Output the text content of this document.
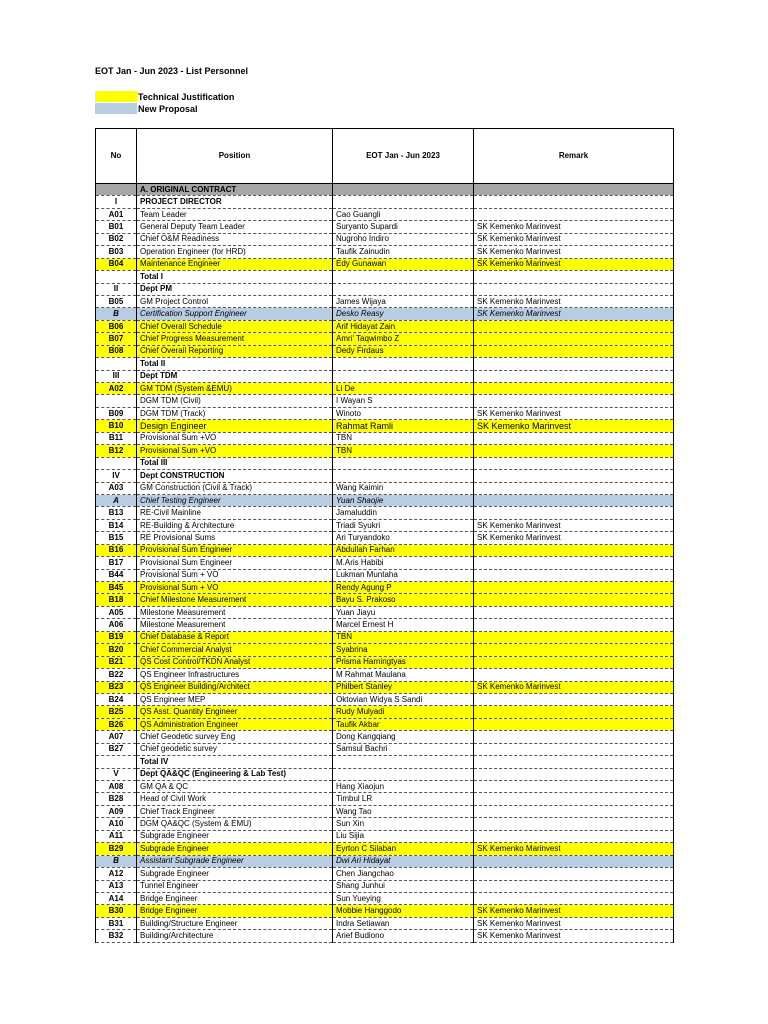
EOT Jan - Jun 2023 - List Personnel
Technical Justification
New Proposal
No	Position	EOT Jan - Jun 2023	Remark
	A. ORIGINAL CONTRACT		
I	PROJECT DIRECTOR		
A01	Team Leader	Cao Guangli	
B01	General Deputy Team Leader	Suryanto Supardi	SK Kemenko Marinvest
B02	Chief O&M Readiness	Nugroho Indiro	SK Kemenko Marinvest
B03	Operation Engineer (for HRD)	Taufik Zainudin	SK Kemenko Marinvest
B04	Maintenance Engineer	Edy Gunawan	SK Kemenko Marinvest
	Total I		
II	Dept PM		
B05	GM Project Control	James Wijaya	SK Kemenko Marinvest
B	Certification Support Engineer	Desko Reasy	SK Kemenko Marinvest
B06	Chief Overall Schedule	Arif Hidayat Zain	
B07	Chief Progress Measurement	Amri' Taqwimbo Z	
B08	Chief Overall Reporting	Dedy Firdaus	
	Total II		
III	Dept TDM		
A02	GM TDM (System &EMU)	Li De	
	DGM TDM (Civil)	I Wayan S	
B09	DGM TDM (Track)	Winoto	SK Kemenko Marinvest
B10	Design Engineer	Rahmat Ramli	SK Kemenko Marinvest
B11	Provisional Sum +VO	TBN	
B12	Provisional Sum +VO	TBN	
	Total III		
IV	Dept CONSTRUCTION		
A03	GM Construction (Civil & Track)	Wang Kaimin	
A	Chief Testing Engineer	Yuan Shaojie	
B13	RE-Civil Mainline	Jamaluddin	
B14	RE-Building & Architecture	Triadi Syukri	SK Kemenko Marinvest
B15	RE Provisional Sums	Ari Turyandoko	SK Kemenko Marinvest
B16	Provisional Sum Engineer	Abdullah Farhan	
B17	Provisional Sum Engineer	M.Aris Habibi	
B44	Provisional Sum + VO	Lukman Muntaha	
B45	Provisional Sum + VO	Rendy Agung P	
B18	Chief Milestone Measurement	Bayu S. Prakoso	
A05	Milestone Measurement	Yuan Jiayu	
A06	Milestone Measurement	Marcel Ernest H	
B19	Chief Database & Report	TBN	
B20	Chief Commercial Analyst	Syabrina	
B21	QS Cost Control/TKDN Analyst	Prisma Harningtyas	
B22	QS Engineer Infrastructures	M Rahmat Maulana	
B23	QS Engineer Building/Architect	Philbert Stanley	SK Kemenko Marinvest
B24	QS Engineer MEP	Oktovian Widya S Sandi	
B25	QS Asst. Quantity Engineer	Rudy Mulyadi	
B26	QS Administration Engineer	Taufik Akbar	
A07	Chief Geodetic survey Eng	Dong Kangqiang	
B27	Chief geodetic survey	Samsul Bachri	
	Total IV		
V	Dept QA&QC (Engineering & Lab Test)		
A08	GM QA & QC	Hang Xiaojun	
B28	Head of Civil Work	Timbul LR	
A09	Chief Track Engineer	Wang Tao	
A10	DGM QA&QC (System & EMU)	Sun Xin	
A11	Subgrade Engineer	Liu Sijia	
B29	Subgrade Engineer	Eyrton C Silaban	SK Kemenko Marinvest
B	Assistant Subgrade Engineer	Dwi Ari Hidayat	
A12	Subgrade Engineer	Chen Jiangchao	
A13	Tunnel Engineer	Shang Junhui	
A14	Bridge Engineer	Sun Yueying	
B30	Bridge Engineer	Mobbie Hanggodo	SK Kemenko Marinvest
B31	Building/Structure Engineer	Indra Setiawan	SK Kemenko Marinvest
B32	Building/Architecture	Arief Budiono	SK Kemenko Marinvest
